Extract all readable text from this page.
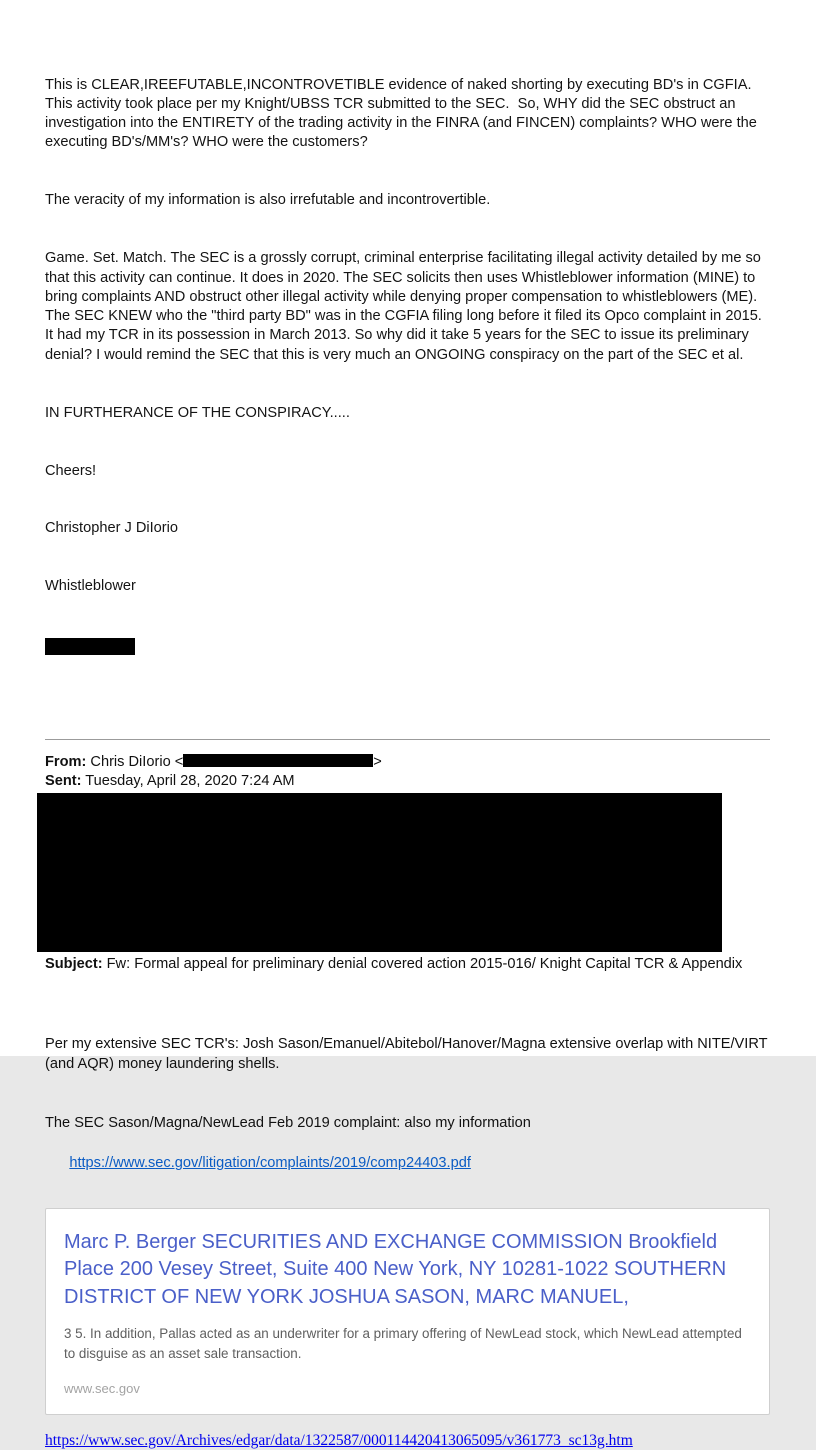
This is CLEAR,IREEFUTABLE,INCONTROVETIBLE evidence of naked shorting by executing BD's in CGFIA. This activity took place per my Knight/UBSS TCR submitted to the SEC.  So, WHY did the SEC obstruct an investigation into the ENTIRETY of the trading activity in the FINRA (and FINCEN) complaints? WHO were the executing BD's/MM's? WHO were the customers?

The veracity of my information is also irrefutable and incontrovertible.

Game. Set. Match. The SEC is a grossly corrupt, criminal enterprise facilitating illegal activity detailed by me so that this activity can continue. It does in 2020. The SEC solicits then uses Whistleblower information (MINE) to bring complaints AND obstruct other illegal activity while denying proper compensation to whistleblowers (ME). The SEC KNEW who the "third party BD" was in the CGFIA filing long before it filed its Opco complaint in 2015. It had my TCR in its possession in March 2013. So why did it take 5 years for the SEC to issue its preliminary denial? I would remind the SEC that this is very much an ONGOING conspiracy on the part of the SEC et al.

IN FURTHERANCE OF THE CONSPIRACY.....

Cheers!

Christopher J DiIorio

Whistleblower

From: Chris DiIorio <	>
Sent: Tuesday, April 28, 2020 7:24 AM
Subject: Fw: Formal appeal for preliminary denial covered action 2015-016/ Knight Capital TCR & Appendix

Per my extensive SEC TCR's: Josh Sason/Emanuel/Abitebol/Hanover/Magna extensive overlap with NITE/VIRT (and AQR) money laundering shells.

The SEC Sason/Magna/NewLead Feb 2019 complaint: also my information

https://www.sec.gov/litigation/complaints/2019/comp24403.pdf

Marc P. Berger SECURITIES AND EXCHANGE COMMISSION Brookfield Place 200 Vesey Street, Suite 400 New York, NY 10281-1022 SOUTHERN DISTRICT OF NEW YORK JOSHUA SASON, MARC MANUEL,
3 5. In addition, Pallas acted as an underwriter for a primary offering of NewLead stock, which NewLead attempted to disguise as an asset sale transaction.
www.sec.gov
https://www.sec.gov/Archives/edgar/data/1322587/000114420413065095/v361773_sc13g.htm
